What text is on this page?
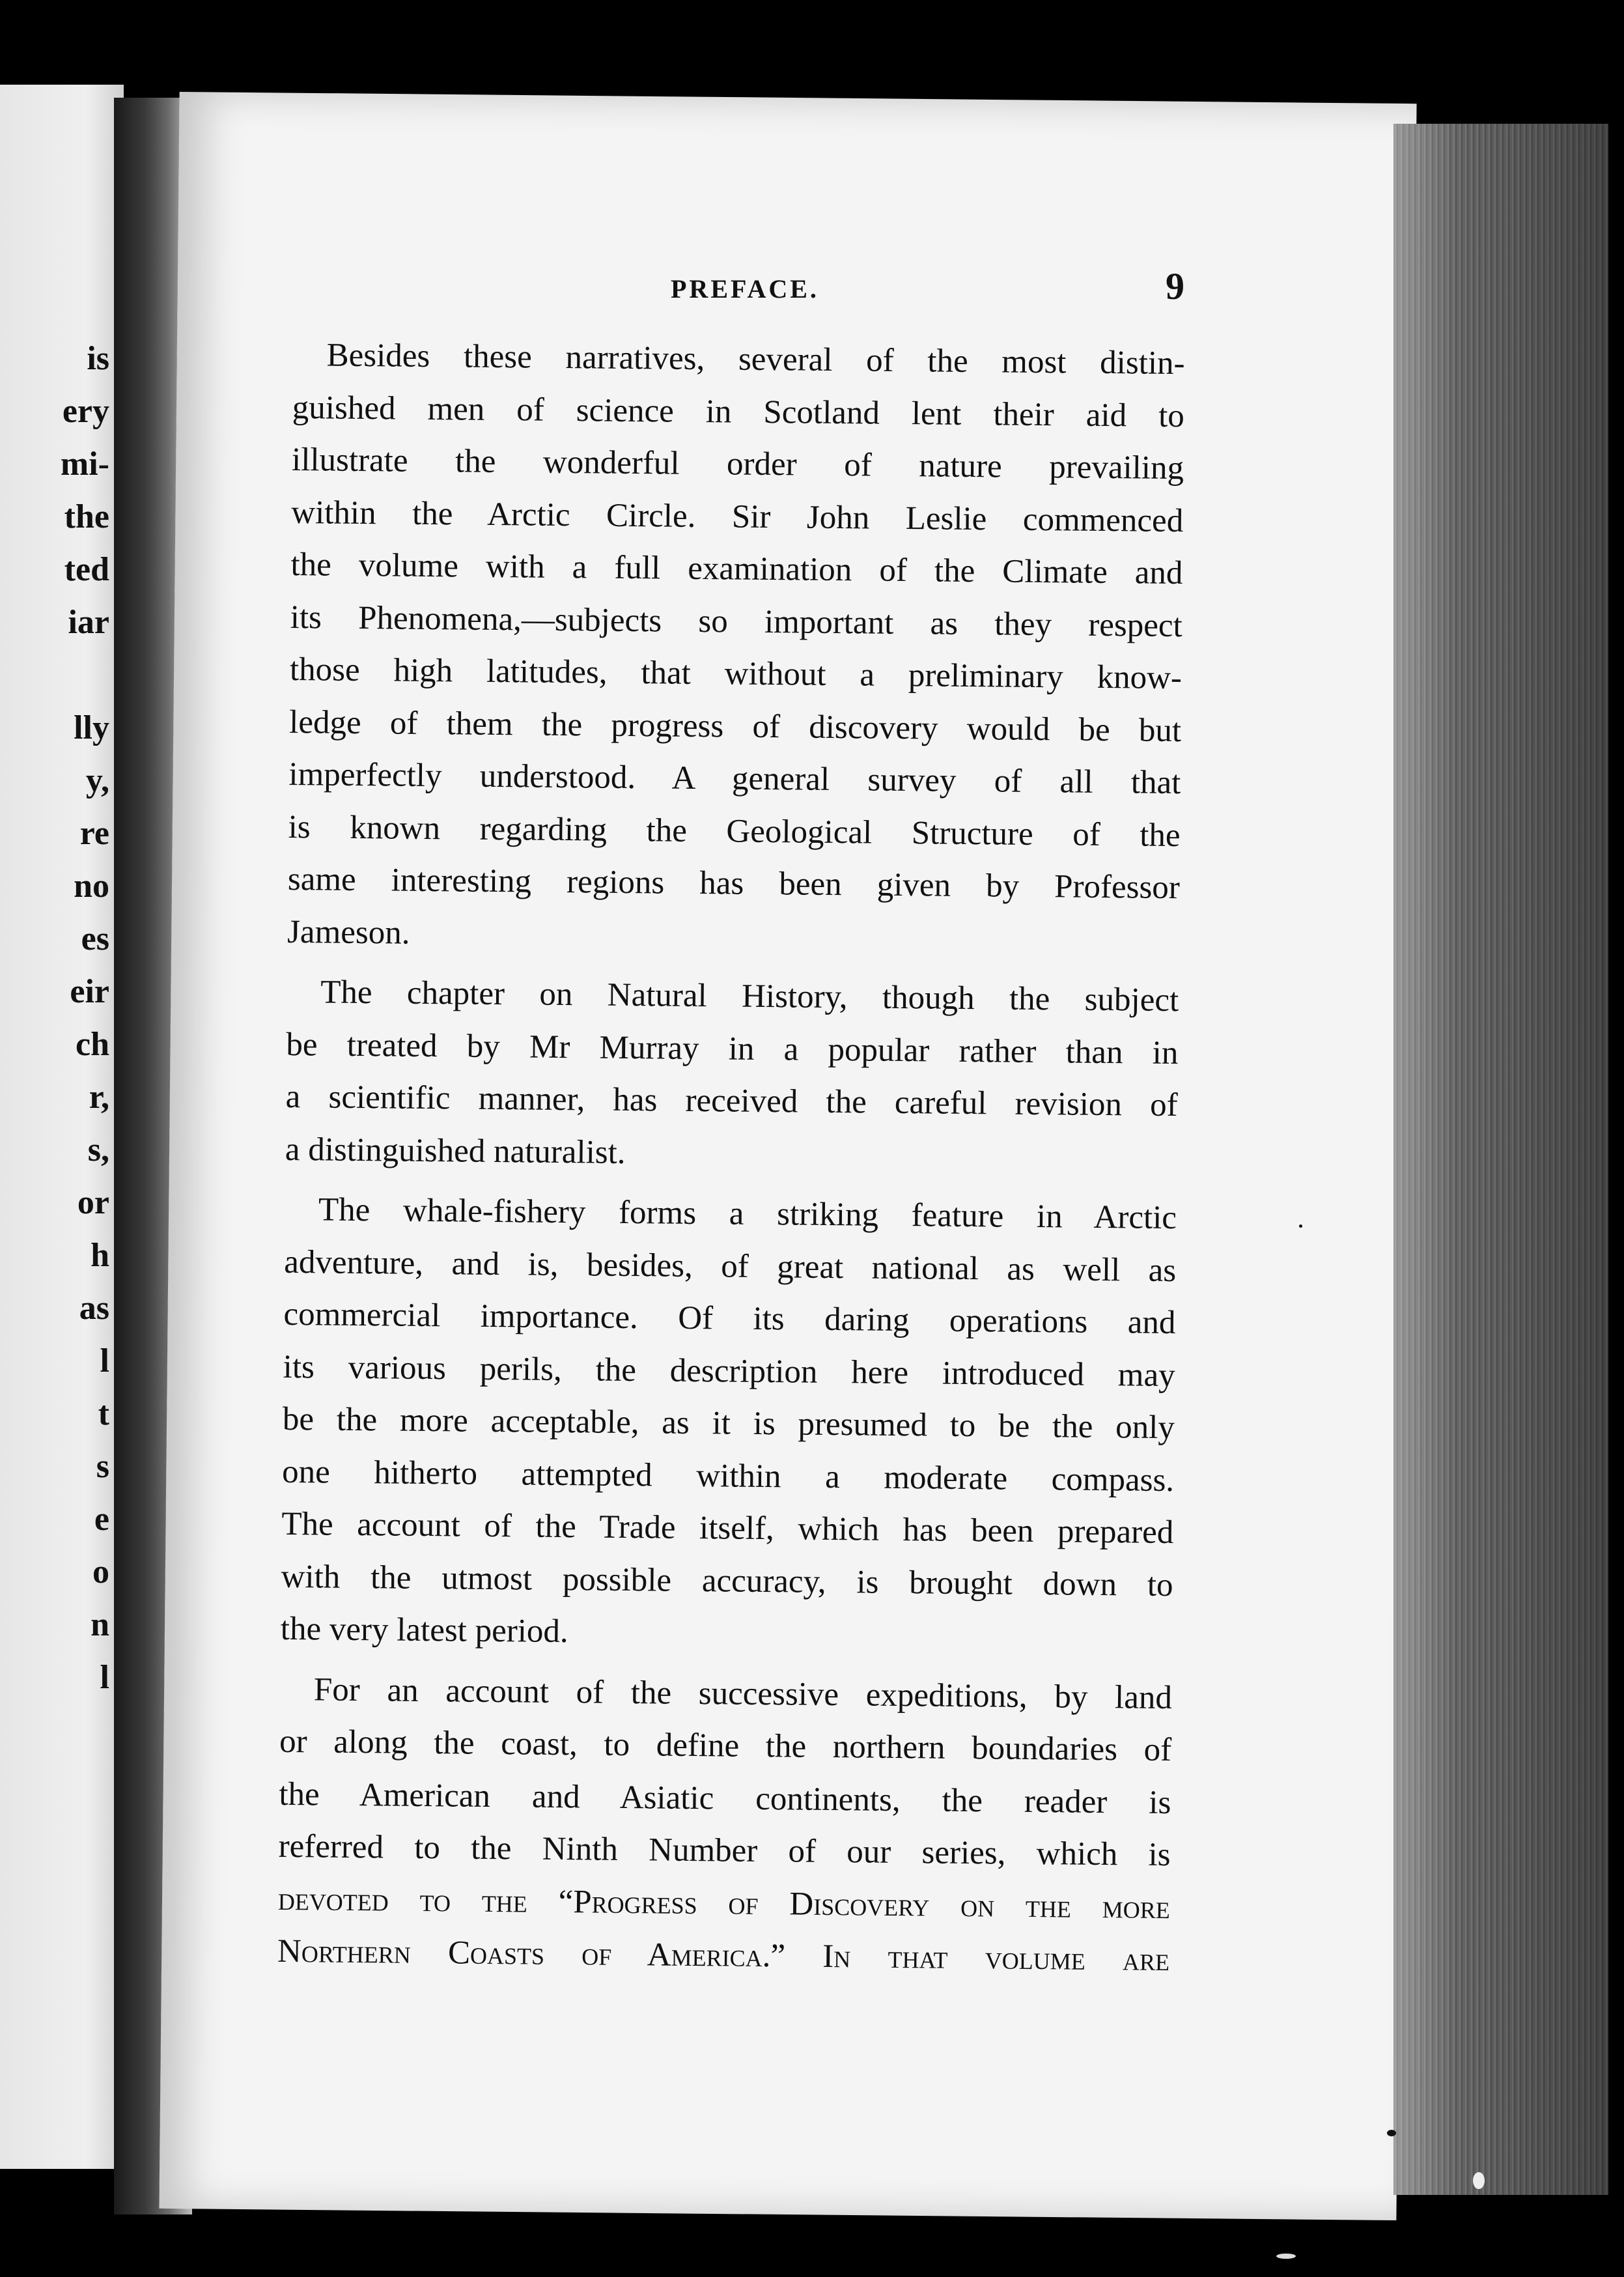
is
ery
mi-
the
ted
iar

lly
y,
re
no
es
eir
ch
r,
s,
or
h
as
l
t
s
e
o
n
l

PREFACE.	9
Besides these narratives, several of the most distin-
guished men of science in Scotland lent their aid to
illustrate the wonderful order of nature prevailing
within the Arctic Circle. Sir John Leslie commenced
the volume with a full examination of the Climate and
its Phenomena,—subjects so important as they respect
those high latitudes, that without a preliminary know-
ledge of them the progress of discovery would be but
imperfectly understood. A general survey of all that
is known regarding the Geological Structure of the
same interesting regions has been given by Professor
Jameson.
The chapter on Natural History, though the subject
be treated by Mr Murray in a popular rather than in
a scientific manner, has received the careful revision of
a distinguished naturalist.
The whale-fishery forms a striking feature in Arctic
adventure, and is, besides, of great national as well as
commercial importance. Of its daring operations and
its various perils, the description here introduced may
be the more acceptable, as it is presumed to be the only
one hitherto attempted within a moderate compass.
The account of the Trade itself, which has been prepared
with the utmost possible accuracy, is brought down to
the very latest period.
For an account of the successive expeditions, by land
or along the coast, to define the northern boundaries of
the American and Asiatic continents, the reader is
referred to the Ninth Number of our series, which is
devoted to the “Progress of Discovery on the more
Northern Coasts of America.” In that volume are
